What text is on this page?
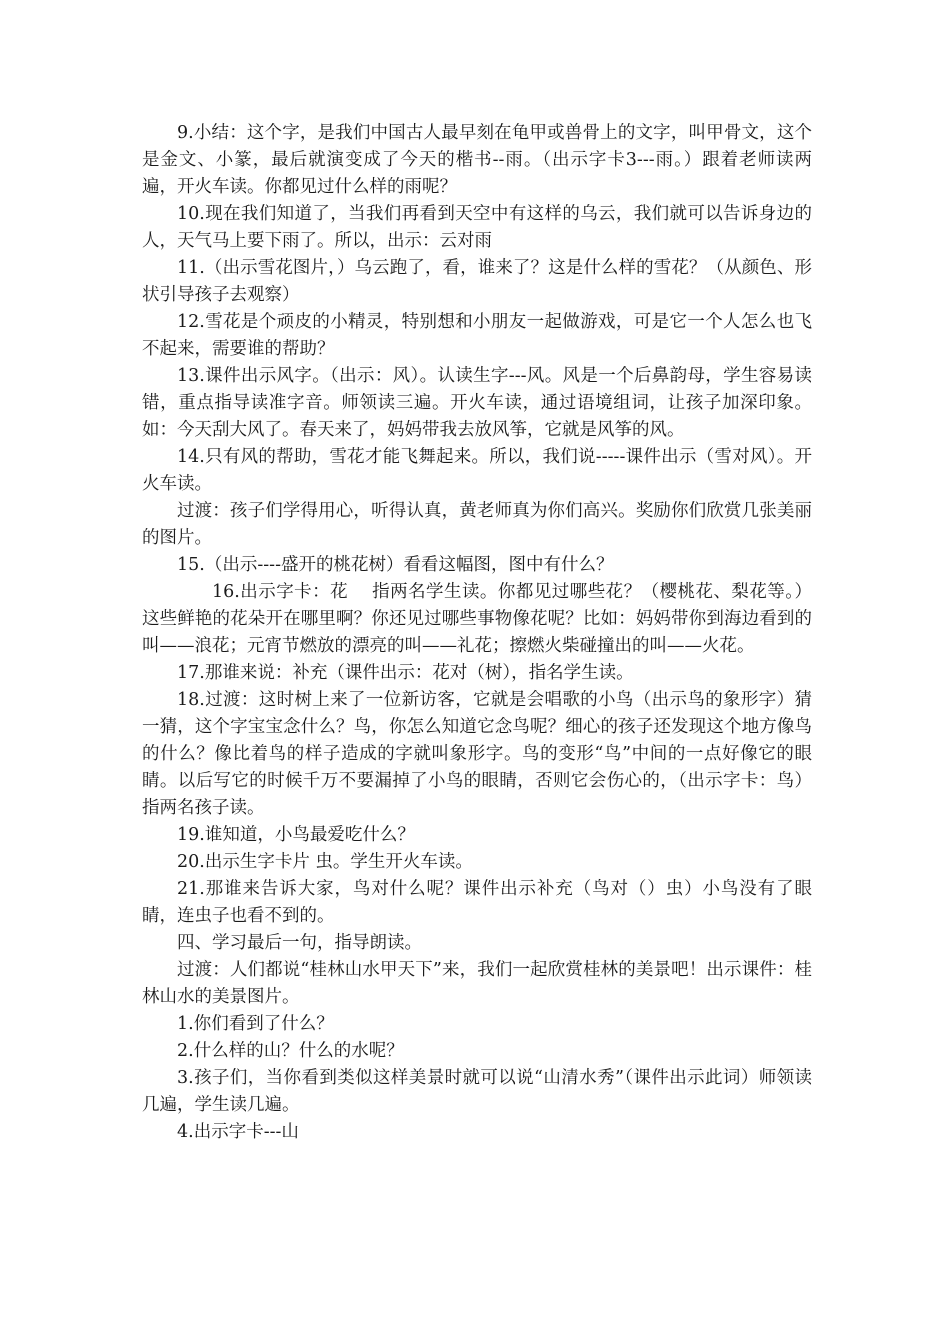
9.小结：这个字，是我们中国古人最早刻在龟甲或兽骨上的文字，叫甲骨文，这个是金文、小篆，最后就演变成了今天的楷书--雨。（出示字卡3---雨。）跟着老师读两遍，开火车读。你都见过什么样的雨呢？

10.现在我们知道了，当我们再看到天空中有这样的乌云，我们就可以告诉身边的人，天气马上要下雨了。所以，出示：云对雨

11.（出示雪花图片，）乌云跑了，看，谁来了？这是什么样的雪花？（从颜色、形状引导孩子去观察）

12.雪花是个顽皮的小精灵，特别想和小朋友一起做游戏，可是它一个人怎么也飞不起来，需要谁的帮助？

13.课件出示风字。（出示：风）。认读生字---风。风是一个后鼻韵母，学生容易读错，重点指导读准字音。师领读三遍。开火车读，通过语境组词，让孩子加深印象。如：今天刮大风了。春天来了，妈妈带我去放风筝，它就是风筝的风。

14.只有风的帮助，雪花才能飞舞起来。所以，我们说-----课件出示（雪对风）。开火车读。

过渡：孩子们学得用心，听得认真，黄老师真为你们高兴。奖励你们欣赏几张美丽的图片。

15.（出示----盛开的桃花树）看看这幅图，图中有什么？

16.出示字卡：花    指两名学生读。你都见过哪些花？（樱桃花、梨花等。）这些鲜艳的花朵开在哪里啊？你还见过哪些事物像花呢？比如：妈妈带你到海边看到的叫——浪花；元宵节燃放的漂亮的叫——礼花；擦燃火柴碰撞出的叫——火花。

17.那谁来说：补充（课件出示：花对（树），指名学生读。

18.过渡：这时树上来了一位新访客，它就是会唱歌的小鸟（出示鸟的象形字）猜一猜，这个字宝宝念什么？鸟，你怎么知道它念鸟呢？细心的孩子还发现这个地方像鸟的什么？像比着鸟的样子造成的字就叫象形字。鸟的变形“鸟”中间的一点好像它的眼睛。以后写它的时候千万不要漏掉了小鸟的眼睛，否则它会伤心的，（出示字卡：鸟）指两名孩子读。

19.谁知道，小鸟最爱吃什么？

20.出示生字卡片 虫。学生开火车读。

21.那谁来告诉大家，鸟对什么呢？课件出示补充（鸟对（）虫）小鸟没有了眼睛，连虫子也看不到的。

四、学习最后一句，指导朗读。

过渡：人们都说“桂林山水甲天下”来，我们一起欣赏桂林的美景吧！出示课件：桂林山水的美景图片。

1.你们看到了什么？

2.什么样的山？什么的水呢？

3.孩子们，当你看到类似这样美景时就可以说“山清水秀”（课件出示此词）师领读几遍，学生读几遍。

4.出示字卡---山
